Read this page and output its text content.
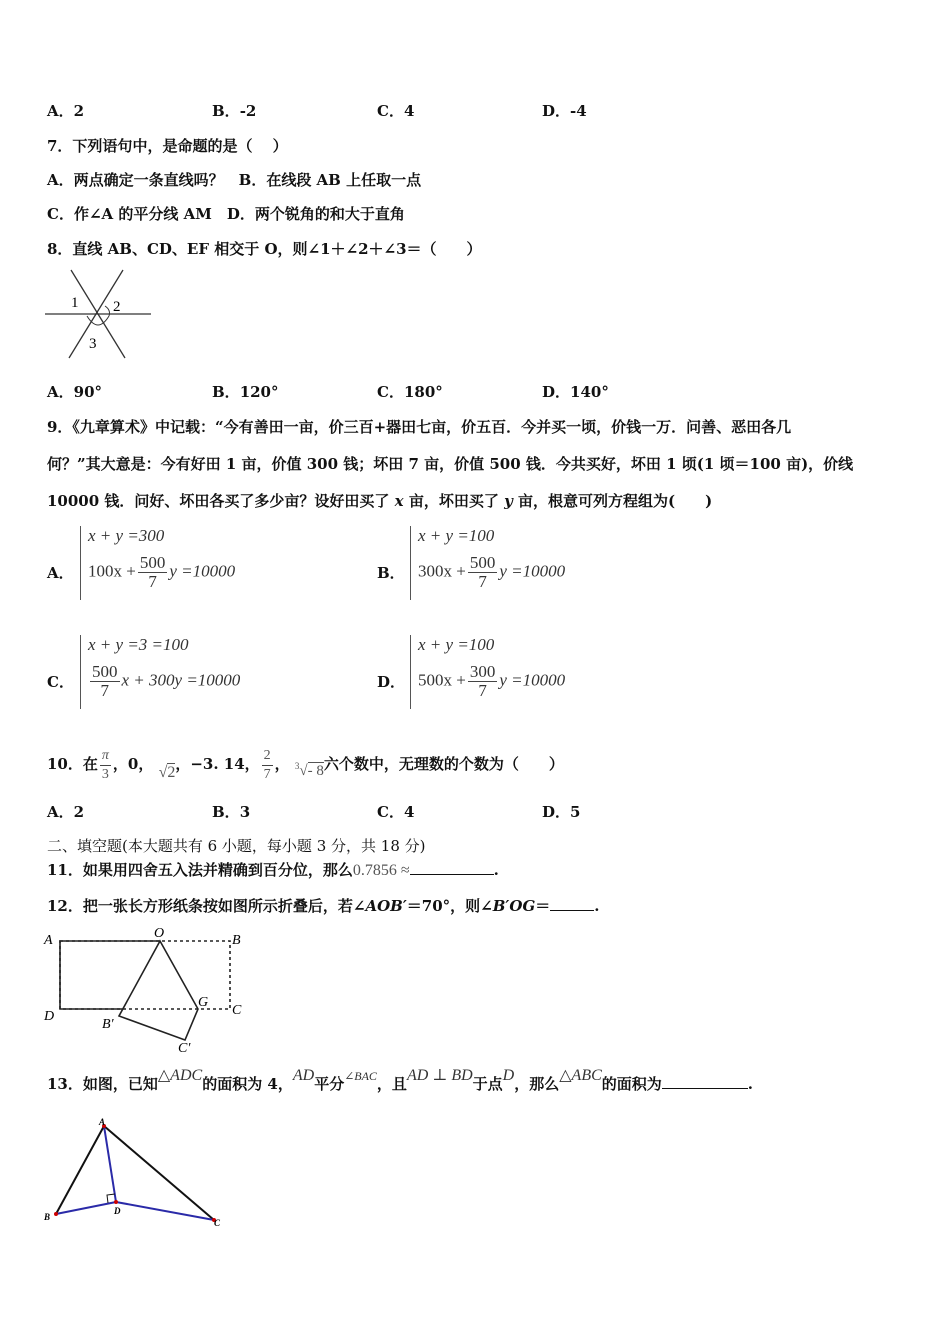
A．2	B．-2	C．4	D．-4
7．下列语句中，是命题的是（　 ）
A．两点确定一条直线吗？　B．在线段 AB 上任取一点
C．作∠A 的平分线 AM　D．两个锐角的和大于直角
8．直线 AB、CD、EF 相交于 O，则∠1＋∠2＋∠3＝（　　）
1 2
3
A．90°	B．120°	C．180°	D．140°
9．《九章算术》中记载：“今有善田一亩，价三百+器田七亩，价五百．今并买一顷，价钱一万．问善、恶田各几
何？”其大意是：今有好田 1 亩，价值 300 钱；坏田 7 亩，价值 500 钱．今共买好，坏田 1 顷(1 顷＝100 亩)，价线
10000 钱．问好、坏田各买了多少亩？设好田买了 x 亩，坏田买了 y 亩，根意可列方程组为(　　)
A．
x + y =300
$100x + \frac{500}{7}$ y =10000	B．
x + y =100
$300x + \frac{500}{7}$ y =10000
C．
x + y =3 =100
$\frac{500}{7}$ x + 300y =10000	D．
x + y =100
$500x + \frac{300}{7}$ y =10000
10．在 $\frac{\pi}{3}$ ，0， √2，−3. 14， $\frac{2}{7}$ ， $^3$√- 8六个数中，无理数的个数为（　　）
A．2	B．3	C．4	D．5
二、填空题(本大题共有 6 小题，每小题 3 分，共 18 分)
11．如果用四舍五入法并精确到百分位，那么0.7856 ≈	.
12．把一张长方形纸条按如图所示折叠后，若∠AOB′＝70°，则∠B′OG＝	.
A	O	B
D
B′
G
C
C′
13．如图，已知△ADC的面积为 4，AD平分$^{\angle BAC}$，且AD ⊥ BD于点D，那么△ABC的面积为	.
A
B
D
C
